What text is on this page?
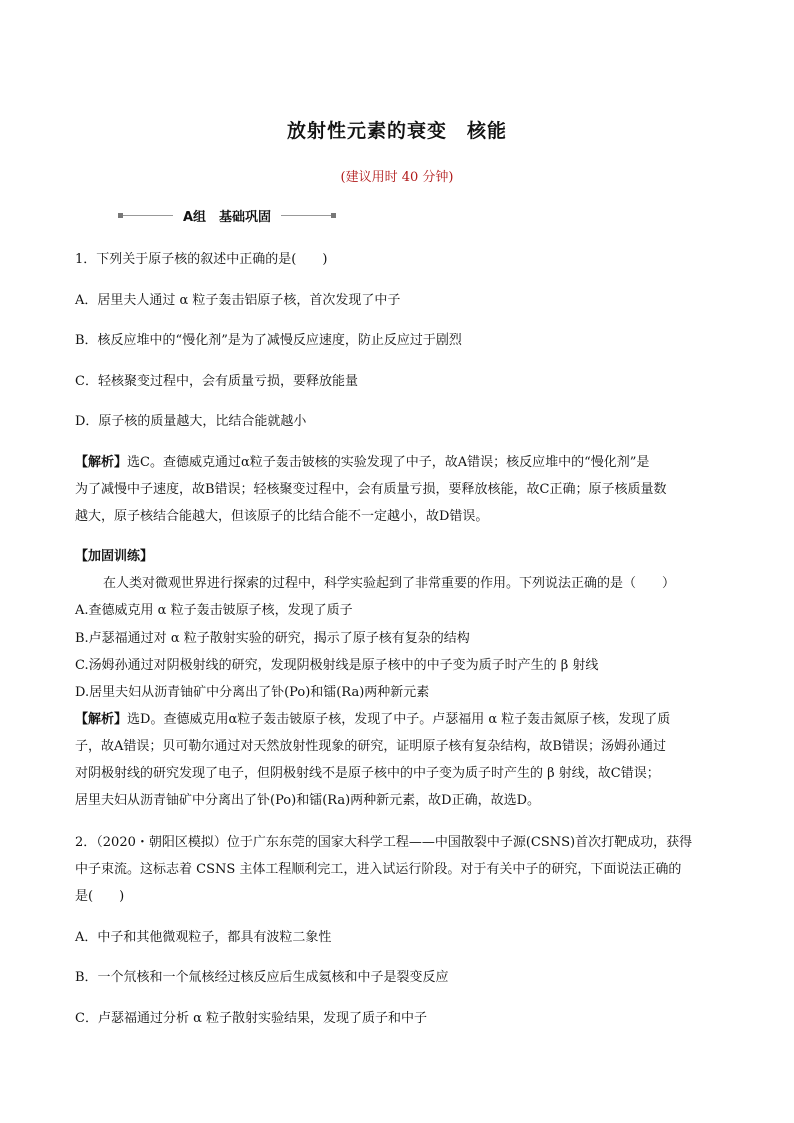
放射性元素的衰变　核能
(建议用时 40 分钟)
A组　基础巩固
1．下列关于原子核的叙述中正确的是(　　)
A．居里夫人通过 α 粒子轰击铝原子核，首次发现了中子
B．核反应堆中的“慢化剂”是为了减慢反应速度，防止反应过于剧烈
C．轻核聚变过程中，会有质量亏损，要释放能量
D．原子核的质量越大，比结合能就越小
【解析】选C。查德威克通过α粒子轰击铍核的实验发现了中子，故A错误；核反应堆中的“慢化剂”是
为了减慢中子速度，故B错误；轻核聚变过程中，会有质量亏损，要释放核能，故C正确；原子核质量数
越大，原子核结合能越大，但该原子的比结合能不一定越小，故D错误。
【加固训练】
在人类对微观世界进行探索的过程中，科学实验起到了非常重要的作用。下列说法正确的是（　　）
A.查德威克用 α 粒子轰击铍原子核，发现了质子
B.卢瑟福通过对 α 粒子散射实验的研究，揭示了原子核有复杂的结构
C.汤姆孙通过对阴极射线的研究，发现阴极射线是原子核中的中子变为质子时产生的 β 射线
D.居里夫妇从沥青铀矿中分离出了钋(Po)和镭(Ra)两种新元素
【解析】选D。查德威克用α粒子轰击铍原子核，发现了中子。卢瑟福用 α 粒子轰击氮原子核，发现了质
子，故A错误；贝可勒尔通过对天然放射性现象的研究，证明原子核有复杂结构，故B错误；汤姆孙通过
对阴极射线的研究发现了电子，但阴极射线不是原子核中的中子变为质子时产生的 β 射线，故C错误；
居里夫妇从沥青铀矿中分离出了钋(Po)和镭(Ra)两种新元素，故D正确，故选D。
2．（2020・朝阳区模拟）位于广东东莞的国家大科学工程——中国散裂中子源(CSNS)首次打靶成功，获得
中子束流。这标志着 CSNS 主体工程顺利完工，进入试运行阶段。对于有关中子的研究，下面说法正确的
是(　　)
A．中子和其他微观粒子，都具有波粒二象性
B．一个氘核和一个氚核经过核反应后生成氦核和中子是裂变反应
C．卢瑟福通过分析 α 粒子散射实验结果，发现了质子和中子
